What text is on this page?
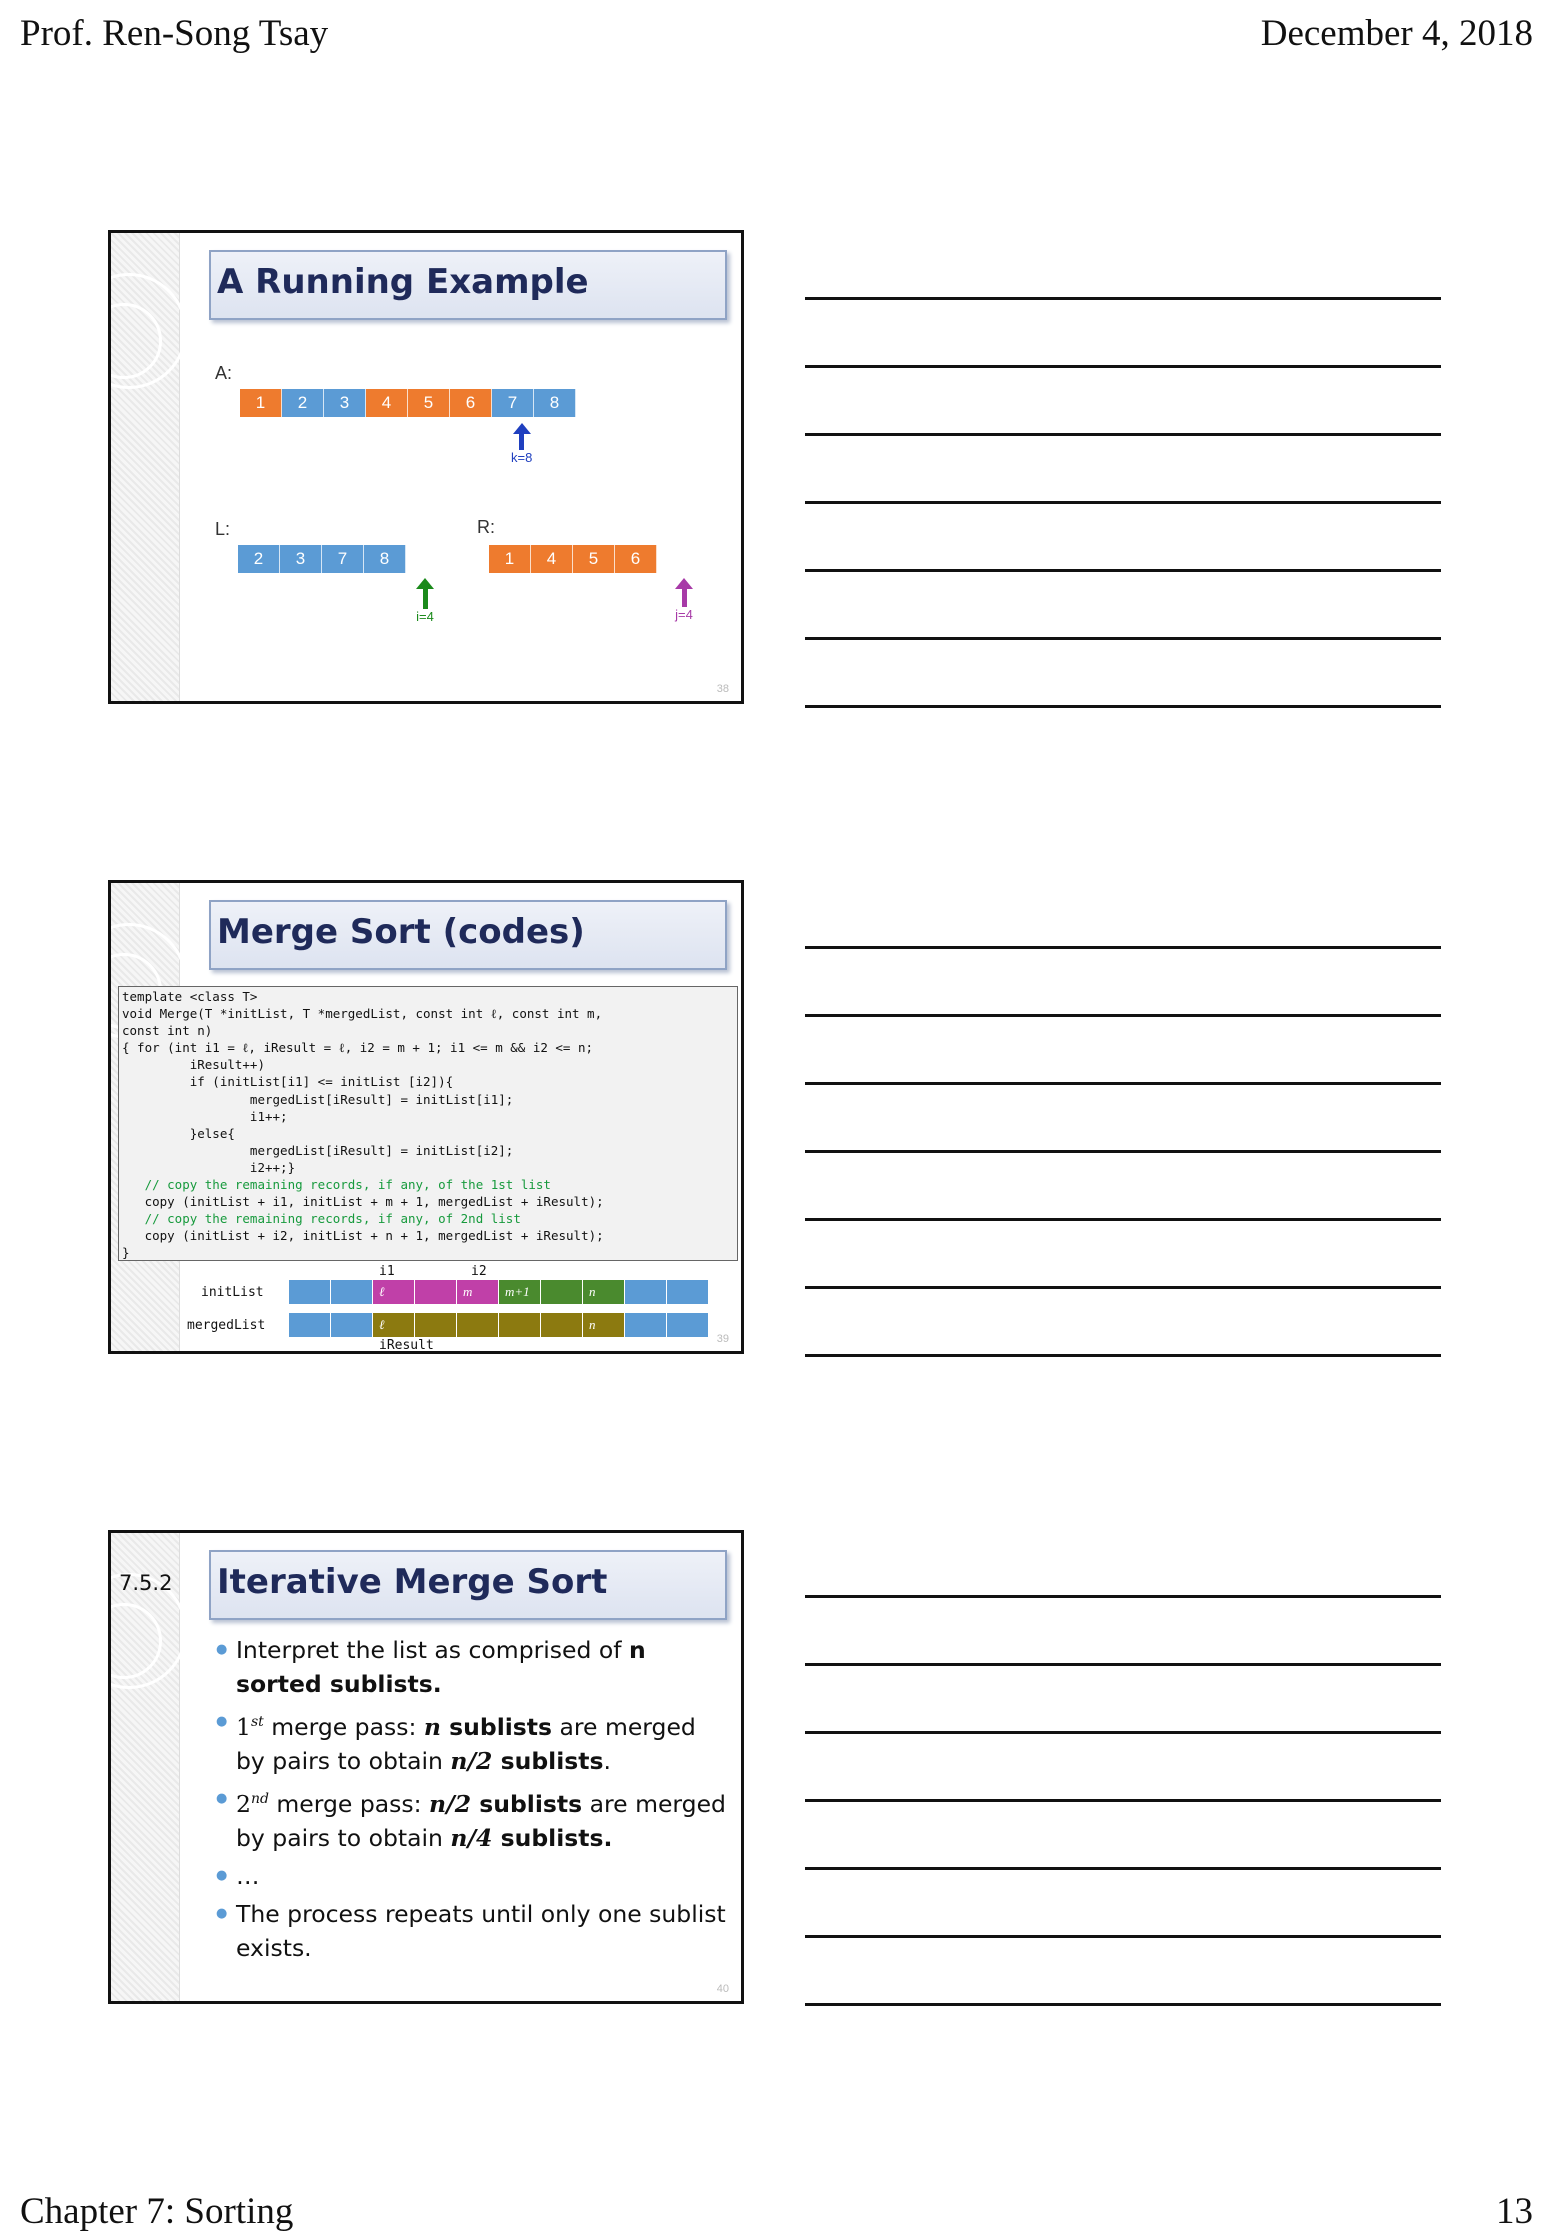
Prof. Ren-Song Tsay	December 4, 2018
A Running Example
A:
1	2	3	4	5	6	7	8
k=8
L:
2	3	7	8
i=4
R:
1	4	5	6
j=4
38
Merge Sort (codes)
template <class T>
void Merge(T *initList, T *mergedList, const int ℓ, const int m,
const int n)
{ for (int i1 = ℓ, iResult = ℓ, i2 = m + 1; i1 <= m && i2 <= n;
iResult++)
if (initList[i1] <= initList [i2]){
mergedList[iResult] = initList[i1];
i1++;
}else{
mergedList[iResult] = initList[i2];
i2++;}
// copy the remaining records, if any, of the 1st list
copy (initList + i1, initList + m + 1, mergedList + iResult);
// copy the remaining records, if any, of 2nd list
copy (initList + i2, initList + n + 1, mergedList + iResult);
}
i1	i2
initList	ℓ	m	m+1	n
mergedList	ℓ	n
iResult	39
7.5.2 Iterative Merge Sort
● Interpret the list as comprised of n sorted sublists.
● 1st merge pass: n sublists are merged by pairs to obtain n/2 sublists.
● 2nd merge pass: n/2 sublists are merged by pairs to obtain n/4 sublists.
● …
● The process repeats until only one sublist exists.
40
Chapter 7: Sorting	13
